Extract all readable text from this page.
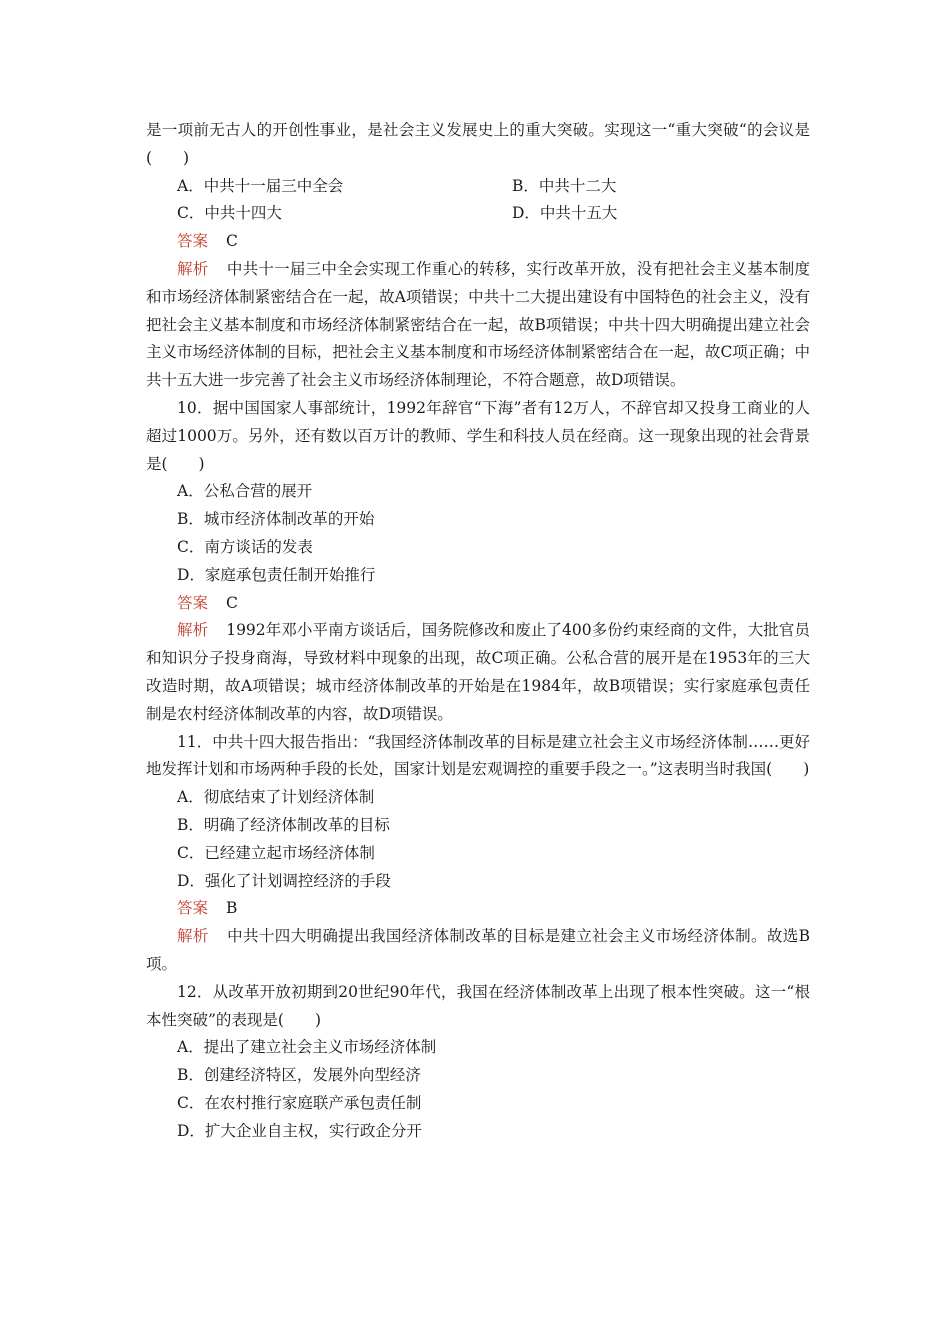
是一项前无古人的开创性事业，是社会主义发展史上的重大突破。实现这一“重大突破“的会议是(　　)

A．中共十一届三中全会	B．中共十二大

C．中共十四大	D．中共十五大

答案 C

解析 中共十一届三中全会实现工作重心的转移，实行改革开放，没有把社会主义基本制度和市场经济体制紧密结合在一起，故A项错误；中共十二大提出建设有中国特色的社会主义，没有把社会主义基本制度和市场经济体制紧密结合在一起，故B项错误；中共十四大明确提出建立社会主义市场经济体制的目标，把社会主义基本制度和市场经济体制紧密结合在一起，故C项正确；中共十五大进一步完善了社会主义市场经济体制理论，不符合题意，故D项错误。

10．据中国国家人事部统计，1992年辞官“下海”者有12万人，不辞官却又投身工商业的人超过1000万。另外，还有数以百万计的教师、学生和科技人员在经商。这一现象出现的社会背景是(　　)

A．公私合营的展开

B．城市经济体制改革的开始

C．南方谈话的发表

D．家庭承包责任制开始推行

答案 C

解析 1992年邓小平南方谈话后，国务院修改和废止了400多份约束经商的文件，大批官员和知识分子投身商海，导致材料中现象的出现，故C项正确。公私合营的展开是在1953年的三大改造时期，故A项错误；城市经济体制改革的开始是在1984年，故B项错误；实行家庭承包责任制是农村经济体制改革的内容，故D项错误。

11．中共十四大报告指出：“我国经济体制改革的目标是建立社会主义市场经济体制……更好地发挥计划和市场两种手段的长处，国家计划是宏观调控的重要手段之一。”这表明当时我国(　　)

A．彻底结束了计划经济体制

B．明确了经济体制改革的目标

C．已经建立起市场经济体制

D．强化了计划调控经济的手段

答案 B

解析 中共十四大明确提出我国经济体制改革的目标是建立社会主义市场经济体制。故选B项。

12．从改革开放初期到20世纪90年代，我国在经济体制改革上出现了根本性突破。这一“根本性突破”的表现是(　　)

A．提出了建立社会主义市场经济体制

B．创建经济特区，发展外向型经济

C．在农村推行家庭联产承包责任制

D．扩大企业自主权，实行政企分开
